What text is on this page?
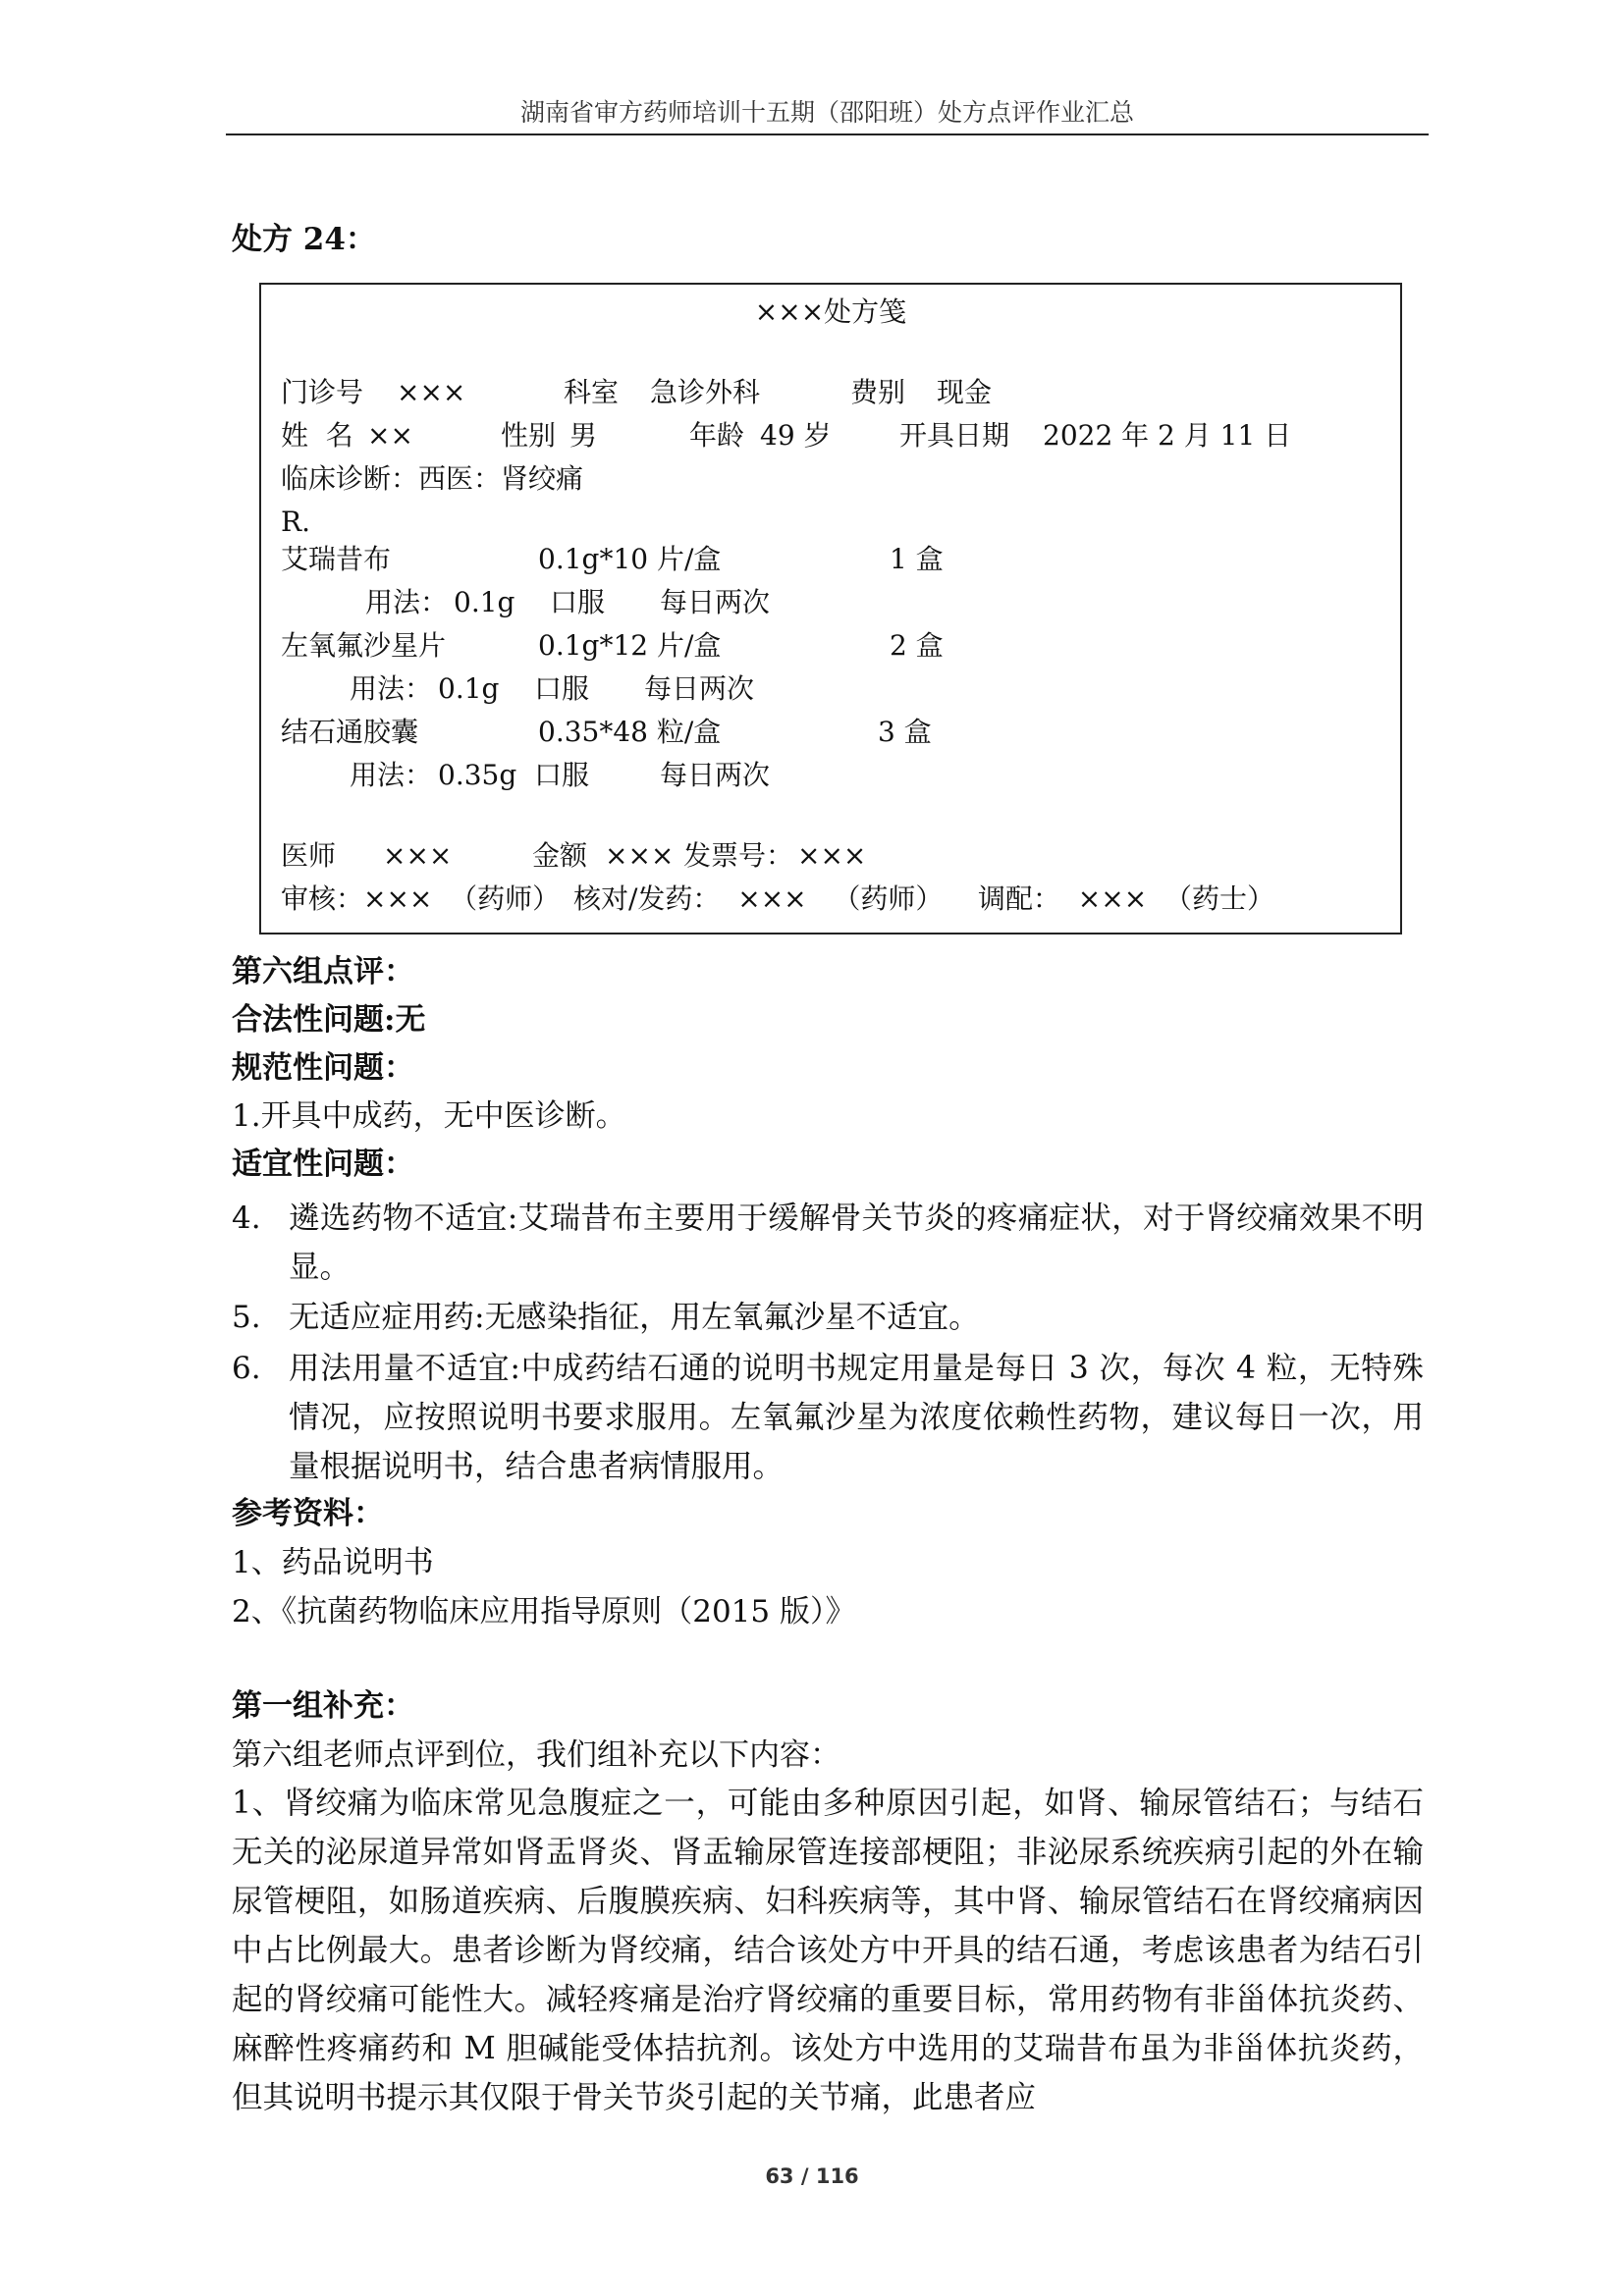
湖南省审方药师培训十五期（邵阳班）处方点评作业汇总
处方 24：
×××处方笺
门诊号 ×××	科室 急诊外科	费别 现金
姓  名 ××	性别 男	年龄 49 岁 开具日期 2022 年 2 月 11 日
临床诊断：西医：肾绞痛
R.
艾瑞昔布	0.1g*10 片/盒	1 盒
用法： 0.1g 口服 每日两次
左氧氟沙星片	0.1g*12 片/盒	2 盒
用法： 0.1g 口服 每日两次
结石通胶囊	0.35*48 粒/盒	3 盒
用法： 0.35g 口服	每日两次
医师 ×××	金额 ××× 发票号： ×××
审核：×××  （药师） 核对/发药：  ×××   （药师） 调配：  ×××  （药士）
第六组点评：
合法性问题:无
规范性问题：
1.开具中成药，无中医诊断。
适宜性问题：
4. 遴选药物不适宜:艾瑞昔布主要用于缓解骨关节炎的疼痛症状，对于肾绞痛效果不明显。
5. 无适应症用药:无感染指征，用左氧氟沙星不适宜。
6. 用法用量不适宜:中成药结石通的说明书规定用量是每日 3 次，每次 4 粒，无特殊情况，应按照说明书要求服用。左氧氟沙星为浓度依赖性药物，建议每日一次，用量根据说明书，结合患者病情服用。
参考资料：
1、药品说明书
2、《抗菌药物临床应用指导原则（2015 版）》
第一组补充：
第六组老师点评到位，我们组补充以下内容：
1、肾绞痛为临床常见急腹症之一，可能由多种原因引起，如肾、输尿管结石；与结石无关的泌尿道异常如肾盂肾炎、肾盂输尿管连接部梗阻；非泌尿系统疾病引起的外在输尿管梗阻，如肠道疾病、后腹膜疾病、妇科疾病等，其中肾、输尿管结石在肾绞痛病因中占比例最大。患者诊断为肾绞痛，结合该处方中开具的结石通，考虑该患者为结石引起的肾绞痛可能性大。减轻疼痛是治疗肾绞痛的重要目标，常用药物有非甾体抗炎药、麻醉性疼痛药和 M 胆碱能受体拮抗剂。该处方中选用的艾瑞昔布虽为非甾体抗炎药，但其说明书提示其仅限于骨关节炎引起的关节痛，此患者应
63 / 116
